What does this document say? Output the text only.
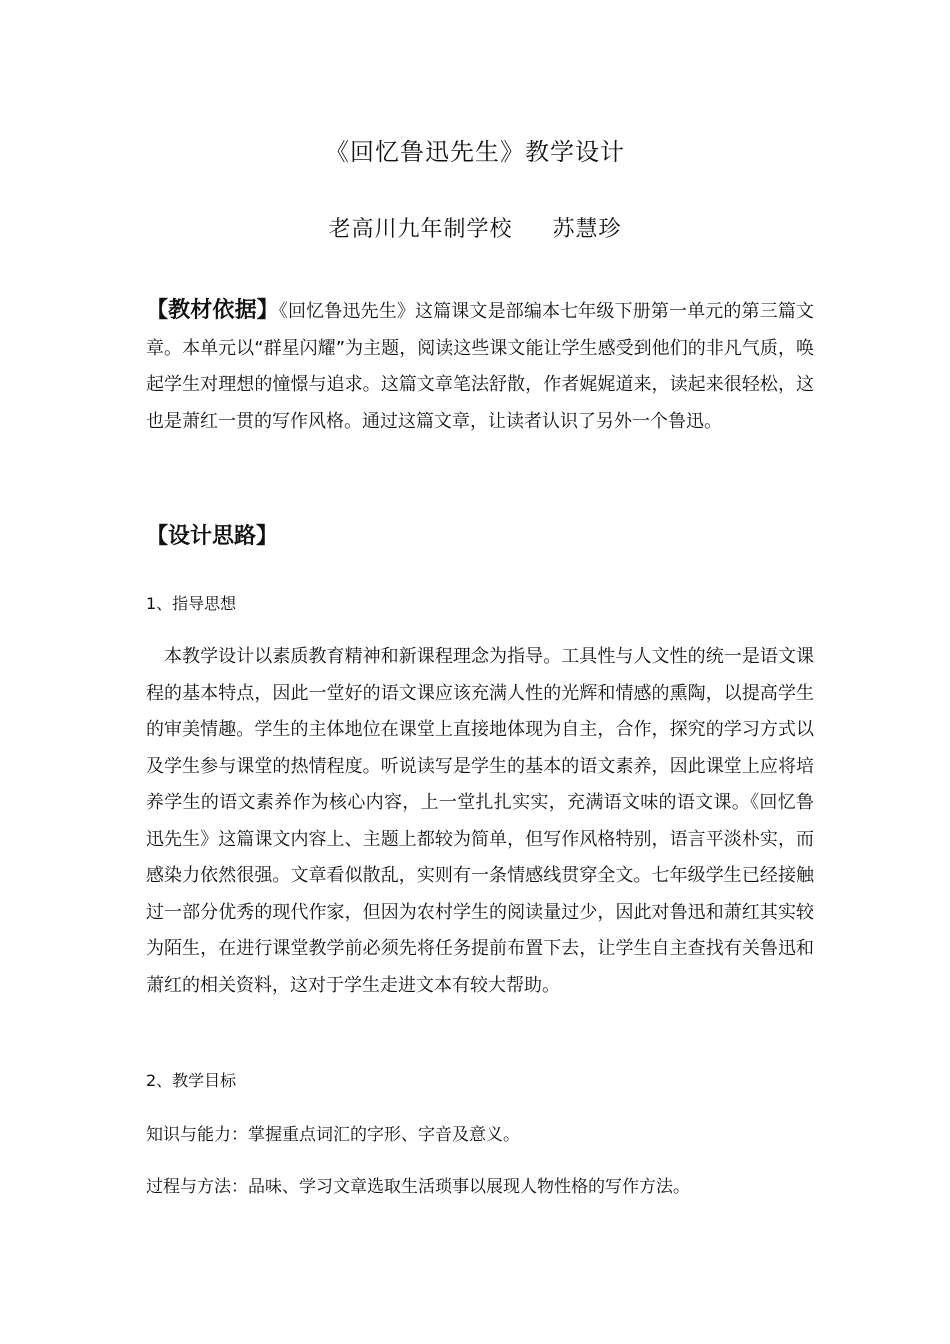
《回忆鲁迅先生》教学设计
老高川九年制学校 苏慧珍
【教材依据】《回忆鲁迅先生》这篇课文是部编本七年级下册第一单元的第三篇文章。本单元以“群星闪耀”为主题，阅读这些课文能让学生感受到他们的非凡气质，唤起学生对理想的憧憬与追求。这篇文章笔法舒散，作者娓娓道来，读起来很轻松，这也是萧红一贯的写作风格。通过这篇文章，让读者认识了另外一个鲁迅。
【设计思路】
1、指导思想
本教学设计以素质教育精神和新课程理念为指导。工具性与人文性的统一是语文课程的基本特点，因此一堂好的语文课应该充满人性的光辉和情感的熏陶，以提高学生的审美情趣。学生的主体地位在课堂上直接地体现为自主，合作，探究的学习方式以及学生参与课堂的热情程度。听说读写是学生的基本的语文素养，因此课堂上应将培养学生的语文素养作为核心内容，上一堂扎扎实实，充满语文味的语文课。《回忆鲁迅先生》这篇课文内容上、主题上都较为简单，但写作风格特别，语言平淡朴实，而感染力依然很强。文章看似散乱，实则有一条情感线贯穿全文。七年级学生已经接触过一部分优秀的现代作家，但因为农村学生的阅读量过少，因此对鲁迅和萧红其实较为陌生，在进行课堂教学前必须先将任务提前布置下去，让学生自主查找有关鲁迅和萧红的相关资料，这对于学生走进文本有较大帮助。
2、教学目标
知识与能力：掌握重点词汇的字形、字音及意义。
过程与方法：品味、学习文章选取生活琐事以展现人物性格的写作方法。
